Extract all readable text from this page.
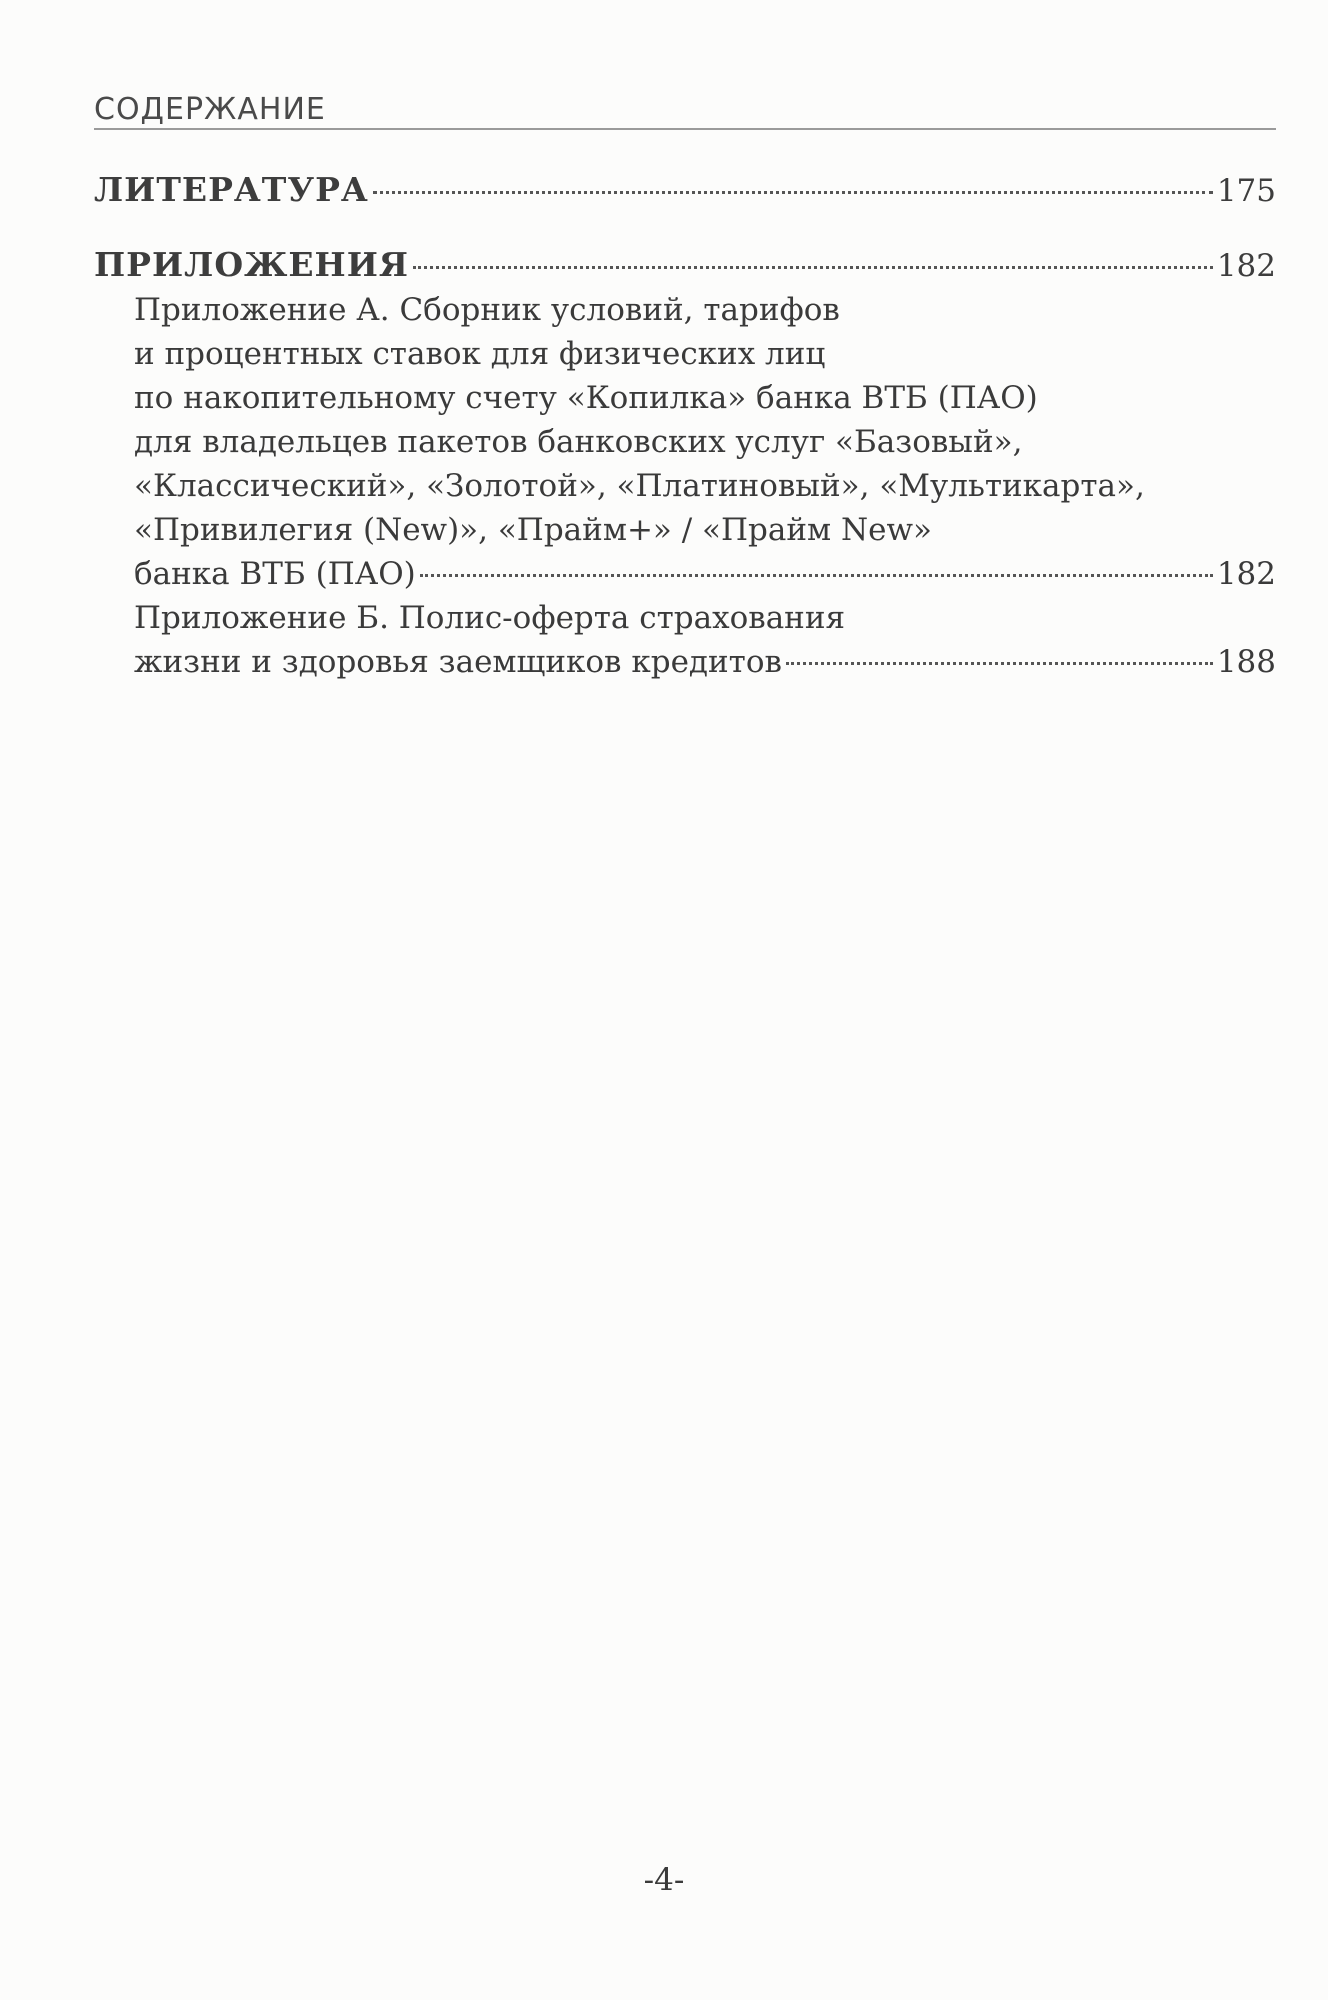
СОДЕРЖАНИЕ
ЛИТЕРАТУРА	175
ПРИЛОЖЕНИЯ	182
Приложение А. Сборник условий, тарифов
и процентных ставок для физических лиц
по накопительному счету «Копилка» банка ВТБ (ПАО)
для владельцев пакетов банковских услуг «Базовый»,
«Классический», «Золотой», «Платиновый», «Мультикарта»,
«Привилегия (New)», «Прайм+» / «Прайм New»
банка ВТБ (ПАО)	182
Приложение Б. Полис-оферта страхования
жизни и здоровья заемщиков кредитов	188
-4-
